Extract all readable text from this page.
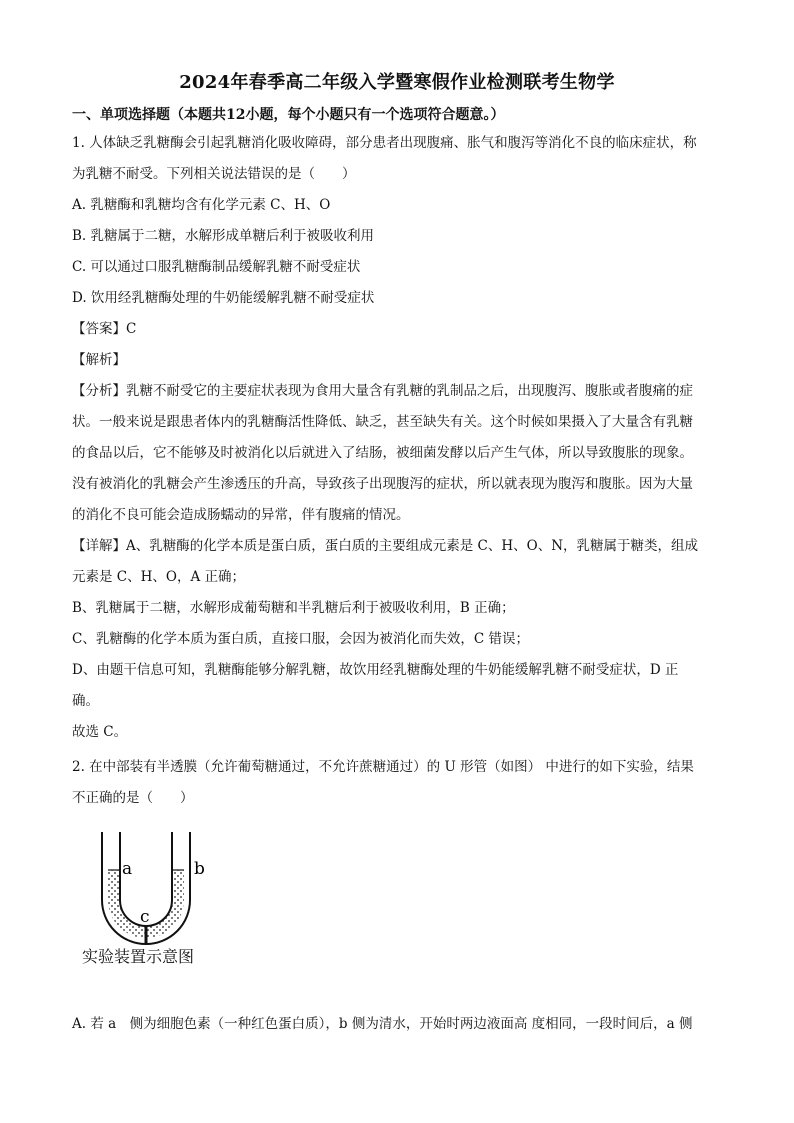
2024年春季高二年级入学暨寒假作业检测联考生物学
一、单项选择题（本题共12小题，每个小题只有一个选项符合题意。）
1. 人体缺乏乳糖酶会引起乳糖消化吸收障碍，部分患者出现腹痛、胀气和腹泻等消化不良的临床症状，称
为乳糖不耐受。下列相关说法错误的是（　　）
A. 乳糖酶和乳糖均含有化学元素 C、H、O
B. 乳糖属于二糖，水解形成单糖后利于被吸收利用
C. 可以通过口服乳糖酶制品缓解乳糖不耐受症状
D. 饮用经乳糖酶处理的牛奶能缓解乳糖不耐受症状
【答案】C
【解析】
【分析】乳糖不耐受它的主要症状表现为食用大量含有乳糖的乳制品之后，出现腹泻、腹胀或者腹痛的症
状。一般来说是跟患者体内的乳糖酶活性降低、缺乏，甚至缺失有关。这个时候如果摄入了大量含有乳糖
的食品以后，它不能够及时被消化以后就进入了结肠，被细菌发酵以后产生气体，所以导致腹胀的现象。
没有被消化的乳糖会产生渗透压的升高，导致孩子出现腹泻的症状，所以就表现为腹泻和腹胀。因为大量
的消化不良可能会造成肠蠕动的异常，伴有腹痛的情况。
【详解】A、乳糖酶的化学本质是蛋白质，蛋白质的主要组成元素是 C、H、O、N，乳糖属于糖类，组成
元素是 C、H、O，A 正确；
B、乳糖属于二糖，水解形成葡萄糖和半乳糖后利于被吸收利用，B 正确；
C、乳糖酶的化学本质为蛋白质，直接口服，会因为被消化而失效，C 错误；
D、由题干信息可知，乳糖酶能够分解乳糖，故饮用经乳糖酶处理的牛奶能缓解乳糖不耐受症状，D 正
确。
故选 C。
2. 在中部装有半透膜（允许葡萄糖通过，不允许蔗糖通过）的 U 形管（如图） 中进行的如下实验，结果
不正确的是（　　）
a	b
c
实验装置示意图
A. 若 a　侧为细胞色素（一种红色蛋白质），b 侧为清水，开始时两边液面高 度相同，一段时间后，a 侧
